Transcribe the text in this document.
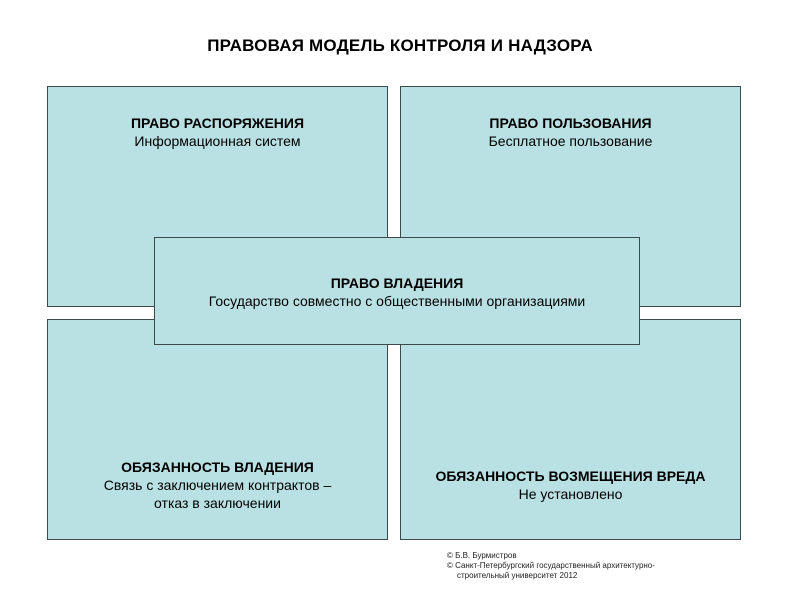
ПРАВОВАЯ МОДЕЛЬ КОНТРОЛЯ И НАДЗОРА
ПРАВО РАСПОРЯЖЕНИЯ
Информационная систем
ПРАВО ПОЛЬЗОВАНИЯ
Бесплатное пользование
ОБЯЗАННОСТЬ ВЛАДЕНИЯ
Связь с заключением контрактов –
отказ в заключении
ОБЯЗАННОСТЬ ВОЗМЕЩЕНИЯ ВРЕДА
Не установлено
ПРАВО ВЛАДЕНИЯ
Государство совместно с общественными организациями
© Б.В. Бурмистров
© Санкт-Петербургский государственный архитектурно-
строительный университет 2012
